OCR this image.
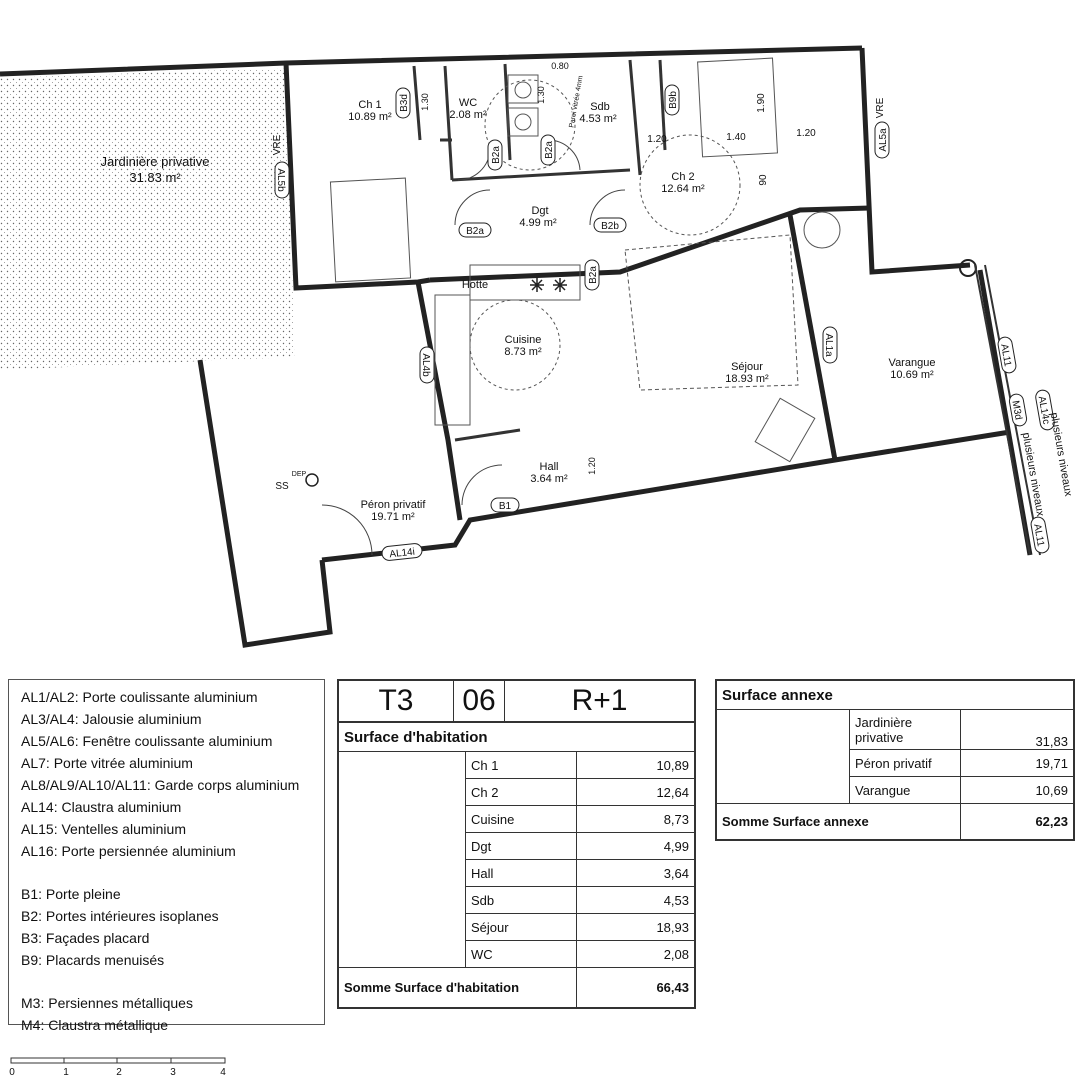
Jardinière privative
31.83 m²
Ch 1
10.89 m²
WC
2.08 m²
Sdb
4.53 m²
Ch 2
12.64 m²
Dgt
4.99 m²
Cuisine
8.73 m²
Séjour
18.93 m²
Varangue
10.69 m²
Hall
3.64 m²
Péron privatif
19.71 m²
B3d
B2a	B2a
B9b
B2a	B2b
B2a
B1
AL5b
AL5a
AL4b
AL1a	AL11
AL14c
M3d
AL11
AL14i
VRE
VRE
Hotte
SS
DEP
1.30	1.30
0.80
1.90
1.20	1.40	1.20
90
1.20
Paroi vitrée 4mm
plusieurs niveaux
plusieurs niveaux
AL1/AL2: Porte coulissante aluminium
AL3/AL4: Jalousie aluminium
AL5/AL6: Fenêtre coulissante aluminium
AL7: Porte vitrée aluminium
AL8/AL9/AL10/AL11: Garde corps aluminium
AL14: Claustra aluminium
AL15: Ventelles aluminium
AL16: Porte persiennée aluminium
B1: Porte pleine
B2: Portes intérieures isoplanes
B3: Façades placard
B9: Placards menuisés
M3: Persiennes métalliques
M4: Claustra métallique
T3	06	R+1
Surface d'habitation		
	Ch 1	10,89
	Ch 2	12,64
	Cuisine	8,73
	Dgt	4,99
	Hall	3,64
	Sdb	4,53
	Séjour	18,93
	WC	2,08
Somme Surface d'habitation		66,43
Surface annexe		
	Jardinière privative	31,83
	Péron privatif	19,71
	Varangue	10,69
Somme Surface annexe		62,23
0	1	2	3	4
